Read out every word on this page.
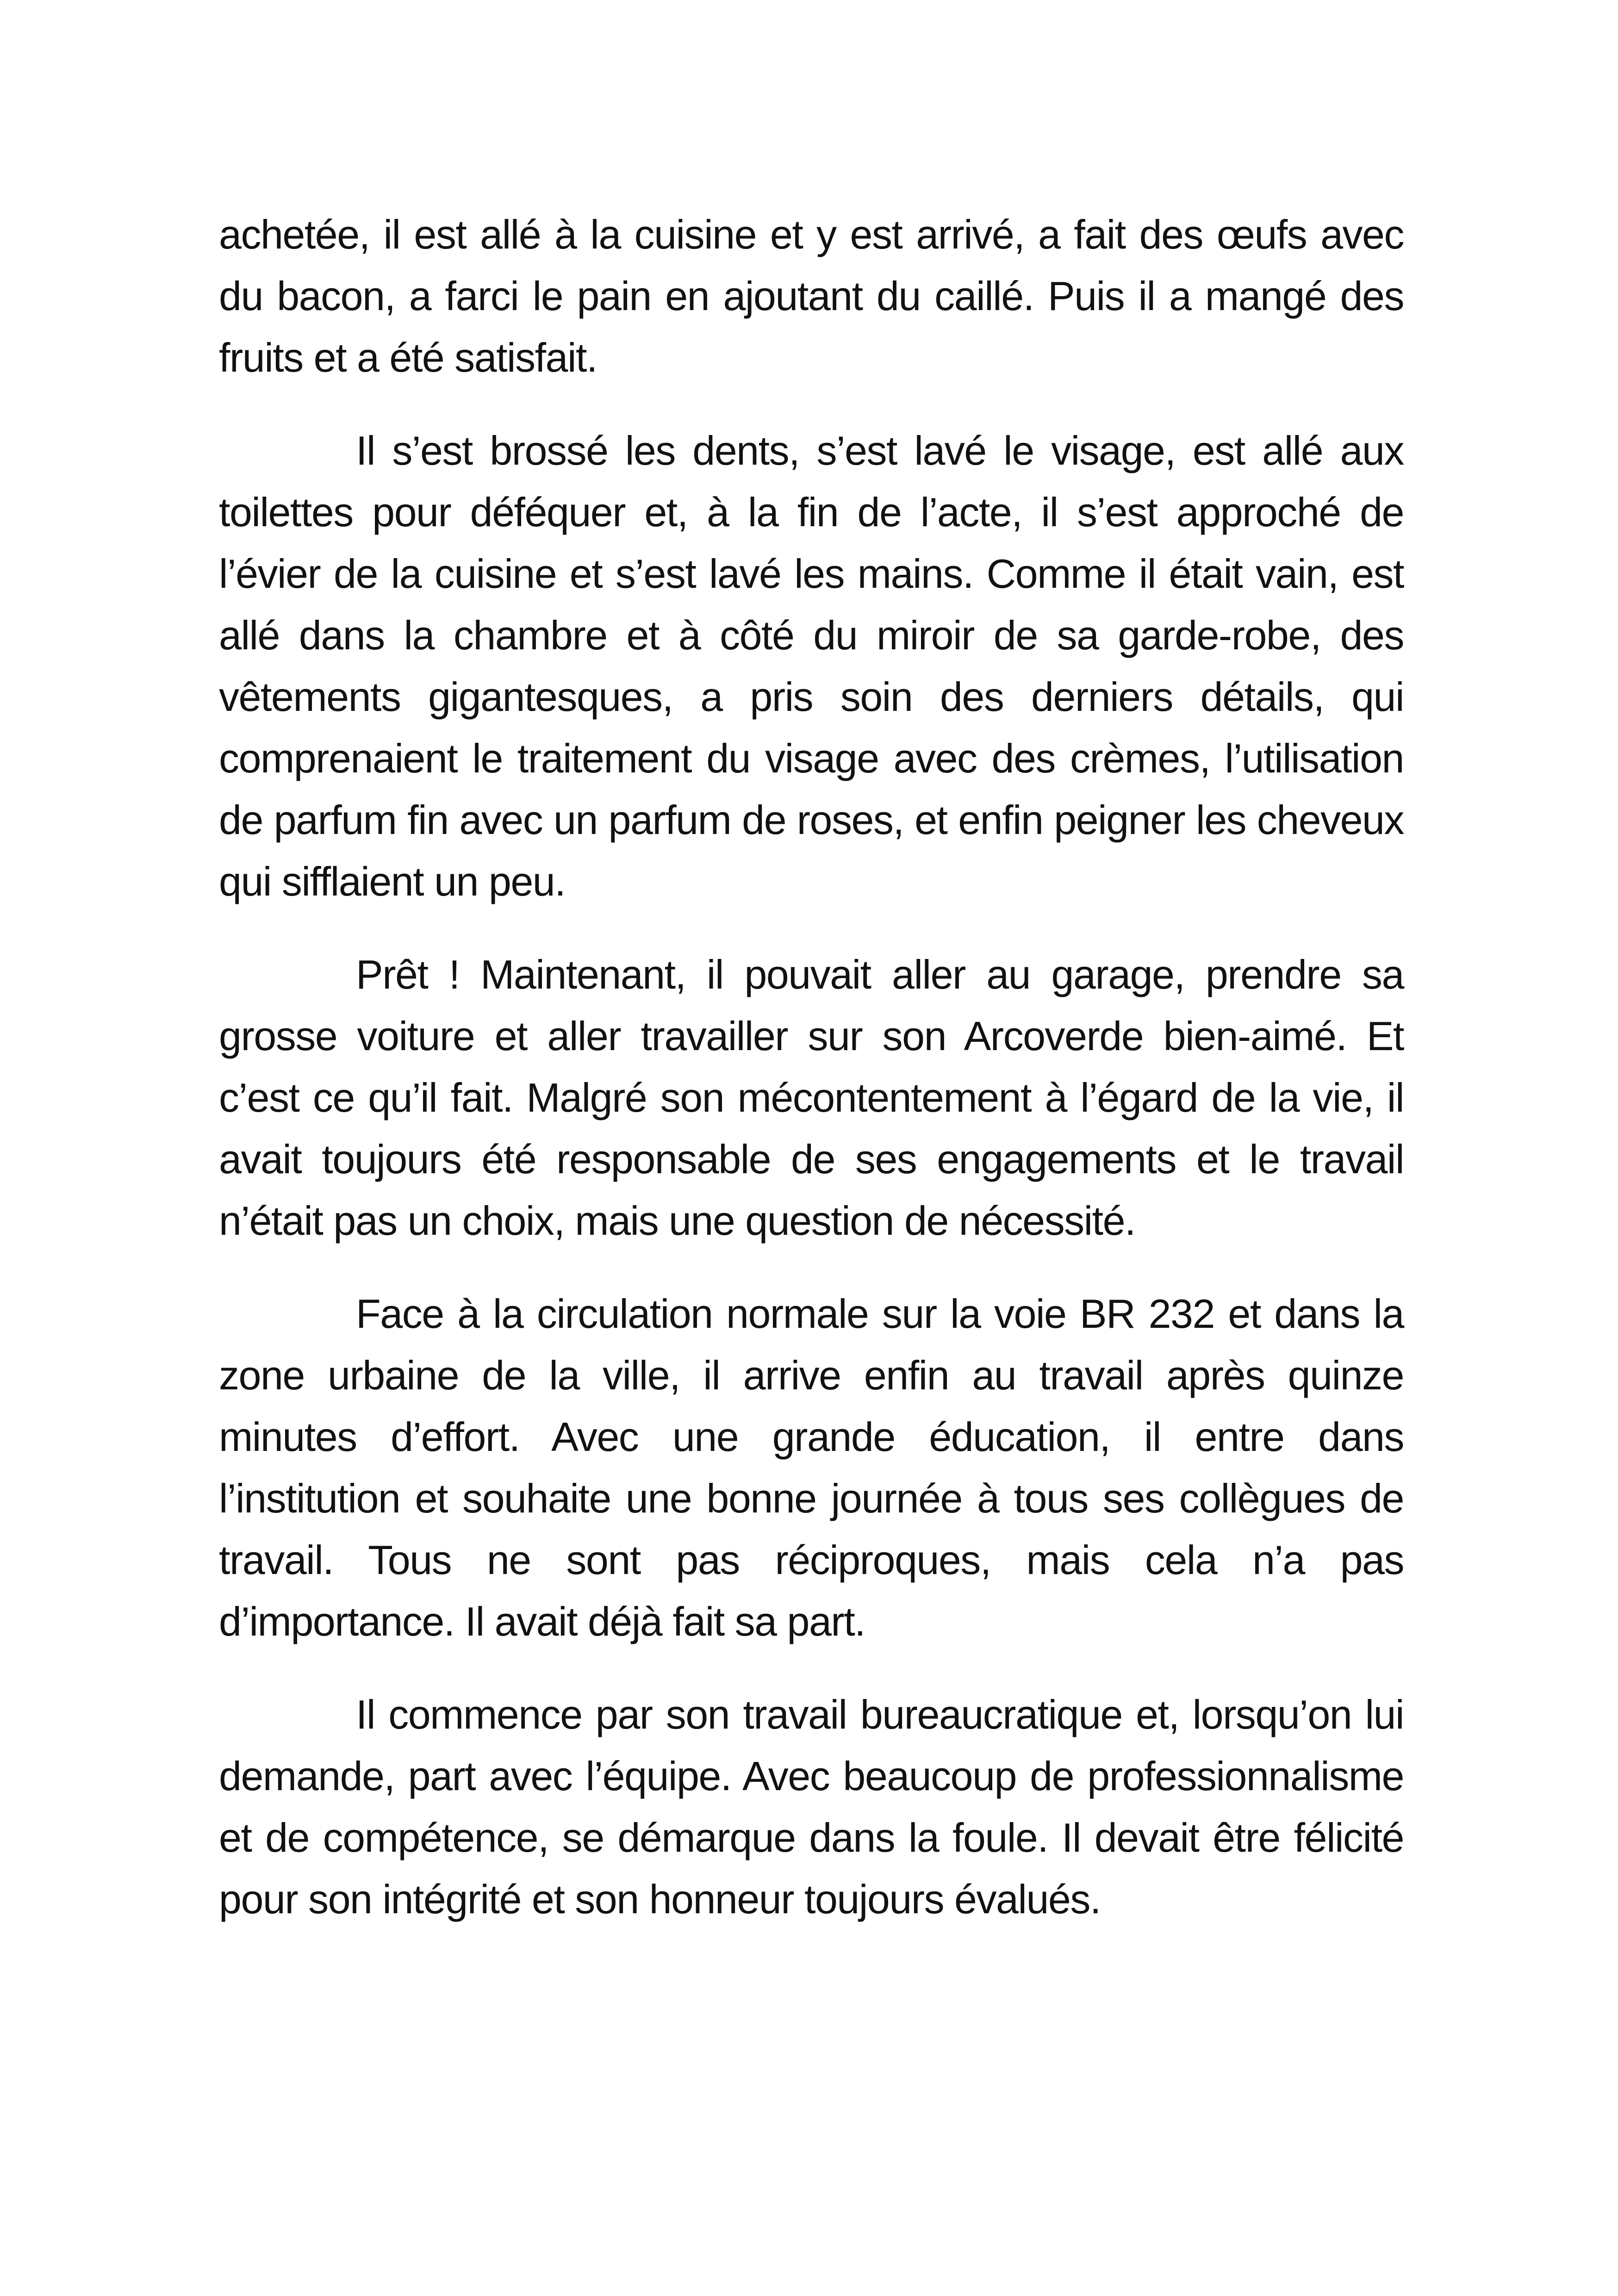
achetée, il est allé à la cuisine et y est arrivé, a fait des œufs avec du bacon, a farci le pain en ajoutant du caillé. Puis il a mangé des fruits et a été satisfait.

Il s’est brossé les dents, s’est lavé le visage, est allé aux toilettes pour déféquer et, à la fin de l’acte, il s’est approché de l’évier de la cuisine et s’est lavé les mains. Comme il était vain, est allé dans la chambre et à côté du miroir de sa garde-robe, des vêtements gigantesques, a pris soin des derniers détails, qui comprenaient le traitement du visage avec des crèmes, l’utilisation de parfum fin avec un parfum de roses, et enfin peigner les cheveux qui sifflaient un peu.

Prêt ! Maintenant, il pouvait aller au garage, prendre sa grosse voiture et aller travailler sur son Arcoverde bien-aimé. Et c’est ce qu’il fait. Malgré son mécontentement à l’égard de la vie, il avait toujours été responsable de ses engagements et le travail n’était pas un choix, mais une question de nécessité.

Face à la circulation normale sur la voie BR 232 et dans la zone urbaine de la ville, il arrive enfin au travail après quinze minutes d’effort. Avec une grande éducation, il entre dans l’institution et souhaite une bonne journée à tous ses collègues de travail. Tous ne sont pas réciproques, mais cela n’a pas d’importance. Il avait déjà fait sa part.

Il commence par son travail bureaucratique et, lorsqu’on lui demande, part avec l’équipe. Avec beaucoup de professionnalisme et de compétence, se démarque dans la foule. Il devait être félicité pour son intégrité et son honneur toujours évalués.
